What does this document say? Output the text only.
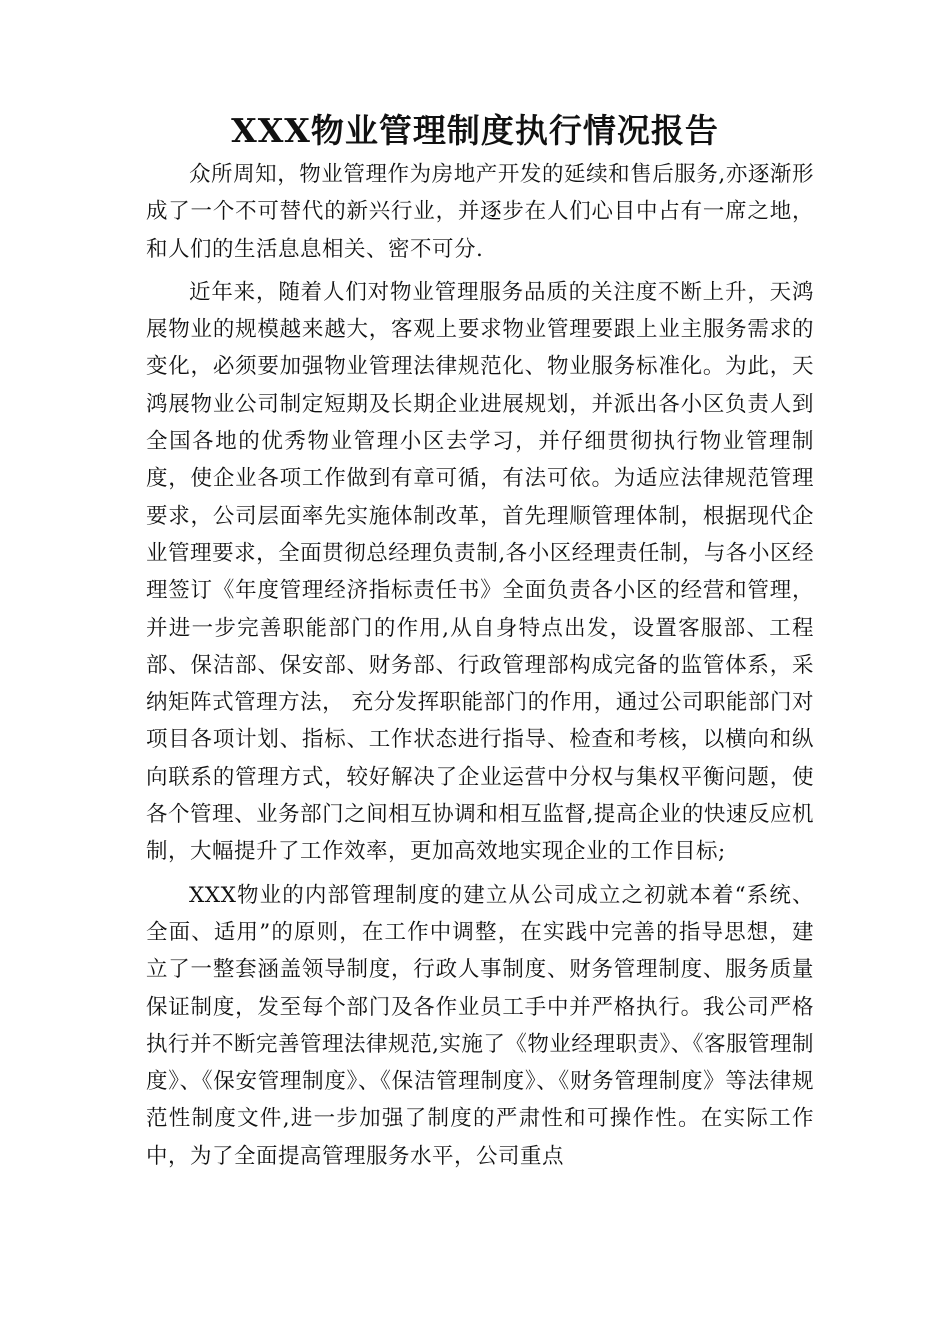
XXX物业管理制度执行情况报告

众所周知，物业管理作为房地产开发的延续和售后服务,亦逐渐形成了一个不可替代的新兴行业，并逐步在人们心目中占有一席之地，和人们的生活息息相关、密不可分.

近年来，随着人们对物业管理服务品质的关注度不断上升，天鸿展物业的规模越来越大，客观上要求物业管理要跟上业主服务需求的变化，必须要加强物业管理法律规范化、物业服务标准化。为此，天鸿展物业公司制定短期及长期企业进展规划，并派出各小区负责人到全国各地的优秀物业管理小区去学习，并仔细贯彻执行物业管理制度，使企业各项工作做到有章可循，有法可依。为适应法律规范管理要求，公司层面率先实施体制改革，首先理顺管理体制，根据现代企业管理要求，全面贯彻总经理负责制,各小区经理责任制，与各小区经理签订《年度管理经济指标责任书》全面负责各小区的经营和管理，并进一步完善职能部门的作用,从自身特点出发，设置客服部、工程部、保洁部、保安部、财务部、行政管理部构成完备的监管体系，采纳矩阵式管理方法， 充分发挥职能部门的作用，通过公司职能部门对项目各项计划、指标、工作状态进行指导、检查和考核，以横向和纵向联系的管理方式，较好解决了企业运营中分权与集权平衡问题，使各个管理、业务部门之间相互协调和相互监督,提高企业的快速反应机制，大幅提升了工作效率，更加高效地实现企业的工作目标;

XXX物业的内部管理制度的建立从公司成立之初就本着“系统、全面、适用”的原则，在工作中调整，在实践中完善的指导思想，建立了一整套涵盖领导制度，行政人事制度、财务管理制度、服务质量保证制度，发至每个部门及各作业员工手中并严格执行。我公司严格执行并不断完善管理法律规范,实施了《物业经理职责》、《客服管理制度》、《保安管理制度》、《保洁管理制度》、《财务管理制度》等法律规范性制度文件,进一步加强了制度的严肃性和可操作性。在实际工作中，为了全面提高管理服务水平，公司重点
